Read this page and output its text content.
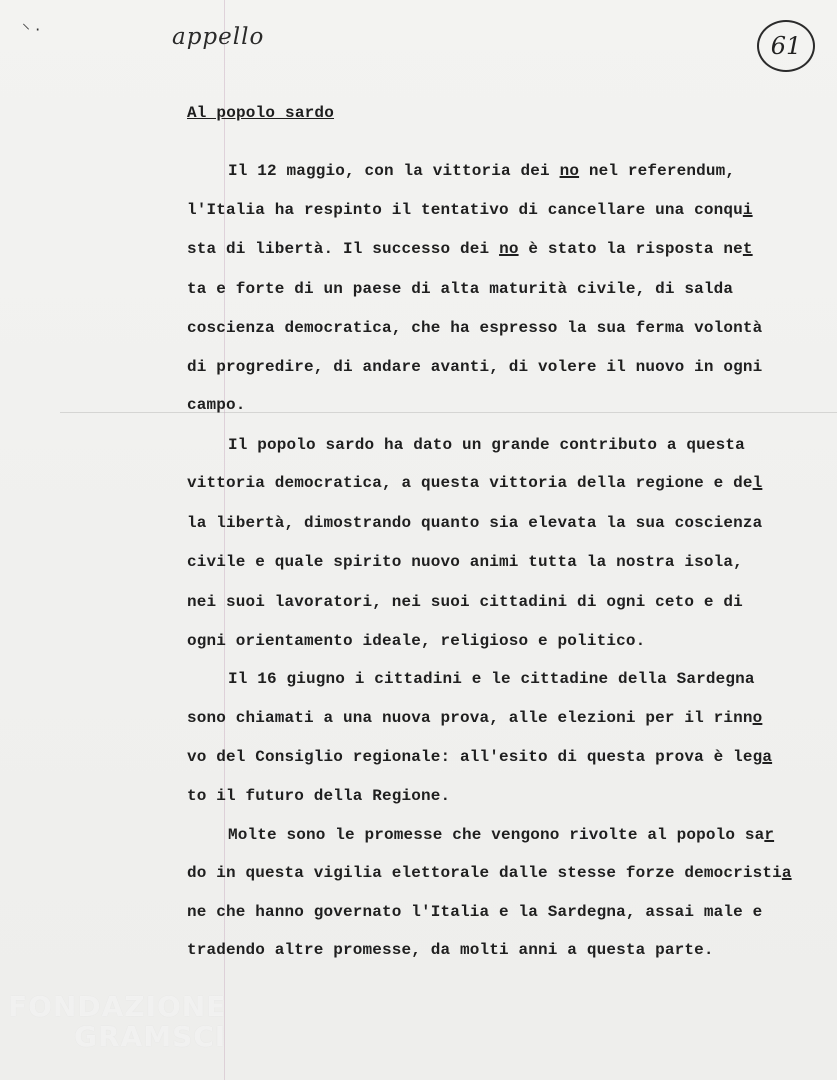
⸌ ·	appello	61
Al popolo sardo
Il 12 maggio, con la vittoria dei no nel referendum,
l'Italia ha respinto il tentativo di cancellare una conqui
sta di libertà. Il successo dei no è stato la risposta net
ta e forte di un paese di alta maturità civile, di salda
coscienza democratica, che ha espresso la sua ferma volontà
di progredire, di andare avanti, di volere il nuovo in ogni
campo.
Il popolo sardo ha dato un grande contributo a questa
vittoria democratica, a questa vittoria della regione e del
la libertà, dimostrando quanto sia elevata la sua coscienza
civile e quale spirito nuovo animi tutta la nostra isola,
nei suoi lavoratori, nei suoi cittadini di ogni ceto e di
ogni orientamento ideale, religioso e politico.
Il 16 giugno i cittadini e le cittadine della Sardegna
sono chiamati a una nuova prova, alle elezioni per il rinno
vo del Consiglio regionale: all'esito di questa prova è lega
to il futuro della Regione.
Molte sono le promesse che vengono rivolte al popolo sar
do in questa vigilia elettorale dalle stesse forze democristia
ne che hanno governato l'Italia e la Sardegna, assai male e
tradendo altre promesse, da molti anni a questa parte.
FONDAZIONE
GRAMSCI
